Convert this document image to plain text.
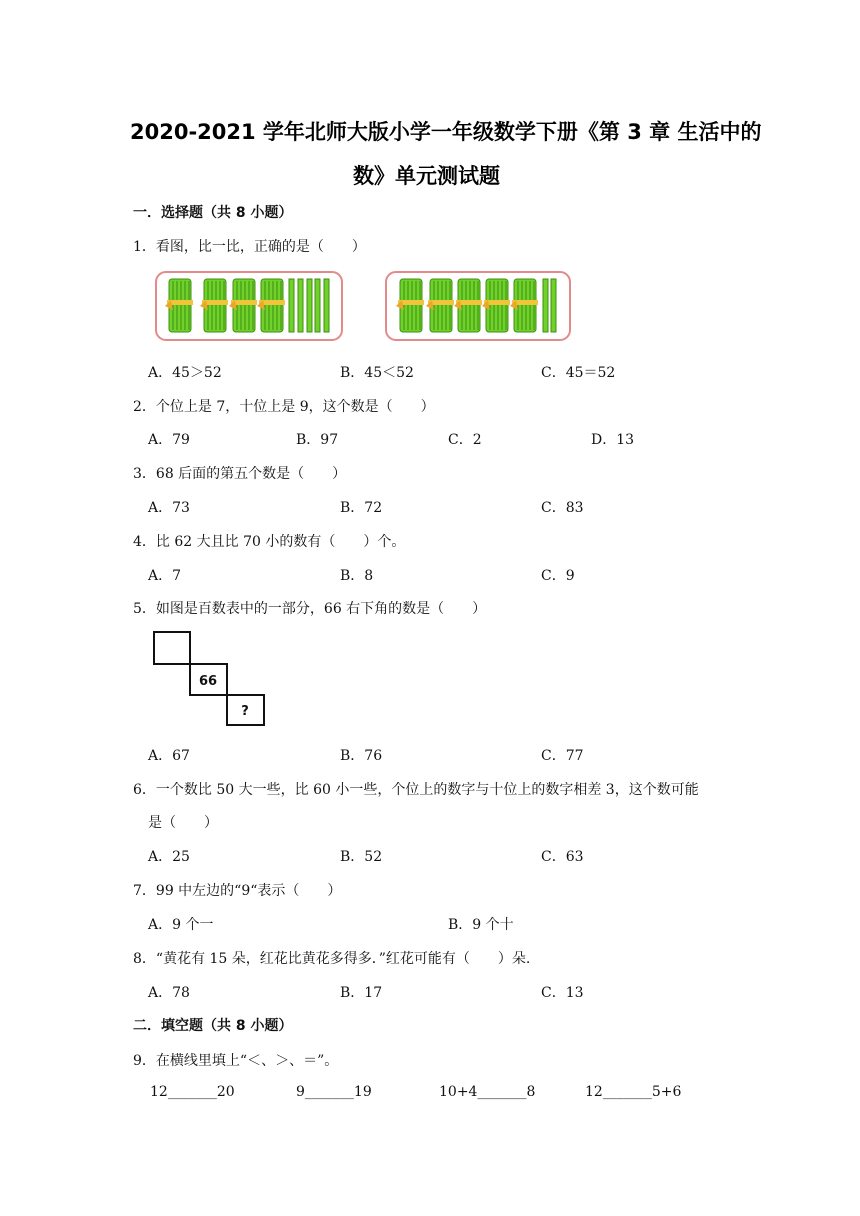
2020-2021 学年北师大版小学一年级数学下册《第 3 章 生活中的
数》单元测试题
一．选择题（共 8 小题）
1．看图，比一比，正确的是（　　）
A．45＞52	B．45＜52	C．45＝52
2．个位上是 7，十位上是 9，这个数是（　　）
A．79	B．97	C．2	D．13
3．68 后面的第五个数是（　　）
A．73	B．72	C．83
4．比 62 大且比 70 小的数有（　　）个。
A．7	B．8	C．9
5．如图是百数表中的一部分，66 右下角的数是（　　）
66
?
A．67	B．76	C．77
6．一个数比 50 大一些，比 60 小一些，个位上的数字与十位上的数字相差 3，这个数可能
是（　　）
A．25	B．52	C．63
7．99 中左边的“9“表示（　　）
A．9 个一	B．9 个十
8．“黄花有 15 朵，红花比黄花多得多．”红花可能有（　　）朵.
A．78	B．17	C．13
二．填空题（共 8 小题）
9．在横线里填上“＜、＞、＝”。
12_______20	9_______19	10+4_______8	12_______5+6
